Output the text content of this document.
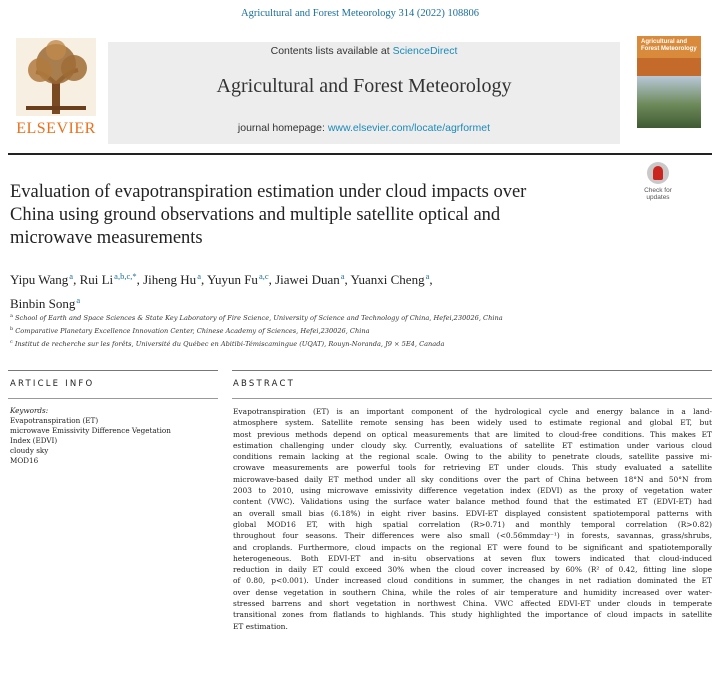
Agricultural and Forest Meteorology 314 (2022) 108806
ELSEVIER
Contents lists available at ScienceDirect
Agricultural and Forest Meteorology
journal homepage: www.elsevier.com/locate/agrformet
Agricultural and Forest Meteorology
Check for
updates
Evaluation of evapotranspiration estimation under cloud impacts over
China using ground observations and multiple satellite optical and
microwave measurements
Yipu Wang$^a$, Rui $Li^{a,b,c,*}$, Jiheng Hu$^a$, Yuyun Fu$^{a,c}$, Jiawei Duan$^a$, Yuanxi Cheng$^a$,
Binbin Song$^a$
$^a$ School of Earth and Space Sciences & State Key Laboratory of Fire Science, University of Science and Technology of China, Hefei,230026, China
$^b$ Comparative Planetary Excellence Innovation Center, Chinese Academy of Sciences, Hefei,230026, China
$^c$ Institut de recherche sur les forêts, Université du Québec en Abitibi-Témiscamingue (UQAT), Rouyn-Noranda, J9 × 5E4, Canada
ARTICLE INFO	ABSTRACT
Keywords:
Evapotranspiration (ET)
microwave Emissivity Difference Vegetation
Index (EDVI)
cloudy sky
MOD16
Evapotranspiration (ET) is an important component of the hydrological cycle and energy balance in a land-
atmosphere system. Satellite remote sensing has been widely used to estimate regional and global ET, but
most previous methods depend on optical measurements that are limited to cloud-free conditions. This makes ET
estimation challenging under cloudy sky. Currently, evaluations of satellite ET estimation under various cloud
conditions remain lacking at the regional scale. Owing to the ability to penetrate clouds, satellite passive mi-
crowave measurements are powerful tools for retrieving ET under clouds. This study evaluated a satellite
microwave-based daily ET method under all sky conditions over the part of China between 18°N and 50°N from
2003 to 2010, using microwave emissivity difference vegetation index (EDVI) as the proxy of vegetation water
content (VWC). Validations using the surface water balance method found that the estimated ET (EDVI-ET) had
an overall small bias (6.18%) in eight river basins. EDVI-ET displayed consistent spatiotemporal patterns with
global MOD16 ET, with high spatial correlation (R>0.71) and monthly temporal correlation (R>0.82)
throughout four seasons. Their differences were also small (<0.56mmday⁻¹) in forests, savannas, grass/shrubs,
and croplands. Furthermore, cloud impacts on the regional ET were found to be significant and spatiotemporally
heterogeneous. Both EDVI-ET and in-situ observations at seven flux towers indicated that cloud-induced
reduction in daily ET could exceed 30% when the cloud cover increased by 60% (R² of 0.42, fitting line slope
of 0.80, p<0.001). Under increased cloud conditions in summer, the changes in net radiation dominated the ET
over dense vegetation in southern China, while the roles of air temperature and humidity increased over water-
stressed barrens and short vegetation in northwest China. VWC affected EDVI-ET under clouds in temperate
transitional zones from flatlands to highlands. This study highlighted the importance of cloud impacts in satellite
ET estimation.
